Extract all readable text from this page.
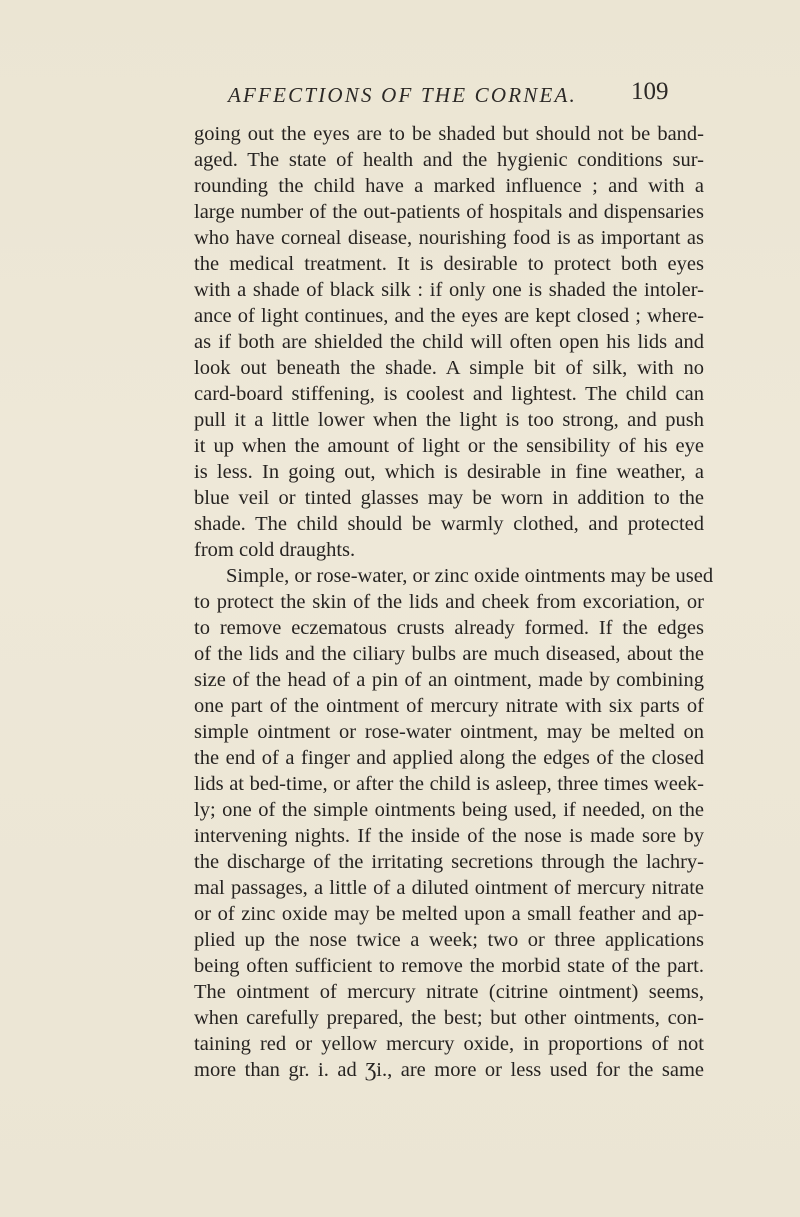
AFFECTIONS OF THE CORNEA. 109
going out the eyes are to be shaded but should not be band-
aged. The state of health and the hygienic conditions sur-
rounding the child have a marked influence ; and with a
large number of the out-patients of hospitals and dispensaries
who have corneal disease, nourishing food is as important as
the medical treatment. It is desirable to protect both eyes
with a shade of black silk : if only one is shaded the intoler-
ance of light continues, and the eyes are kept closed ; where-
as if both are shielded the child will often open his lids and
look out beneath the shade. A simple bit of silk, with no
card-board stiffening, is coolest and lightest. The child can
pull it a little lower when the light is too strong, and push
it up when the amount of light or the sensibility of his eye
is less. In going out, which is desirable in fine weather, a
blue veil or tinted glasses may be worn in addition to the
shade. The child should be warmly clothed, and protected
from cold draughts.
Simple, or rose-water, or zinc oxide ointments may be used
to protect the skin of the lids and cheek from excoriation, or
to remove eczematous crusts already formed. If the edges
of the lids and the ciliary bulbs are much diseased, about the
size of the head of a pin of an ointment, made by combining
one part of the ointment of mercury nitrate with six parts of
simple ointment or rose-water ointment, may be melted on
the end of a finger and applied along the edges of the closed
lids at bed-time, or after the child is asleep, three times week-
ly; one of the simple ointments being used, if needed, on the
intervening nights. If the inside of the nose is made sore by
the discharge of the irritating secretions through the lachry-
mal passages, a little of a diluted ointment of mercury nitrate
or of zinc oxide may be melted upon a small feather and ap-
plied up the nose twice a week; two or three applications
being often sufficient to remove the morbid state of the part.
The ointment of mercury nitrate (citrine ointment) seems,
when carefully prepared, the best; but other ointments, con-
taining red or yellow mercury oxide, in proportions of not
more than gr. i. ad Ʒi., are more or less used for the same
